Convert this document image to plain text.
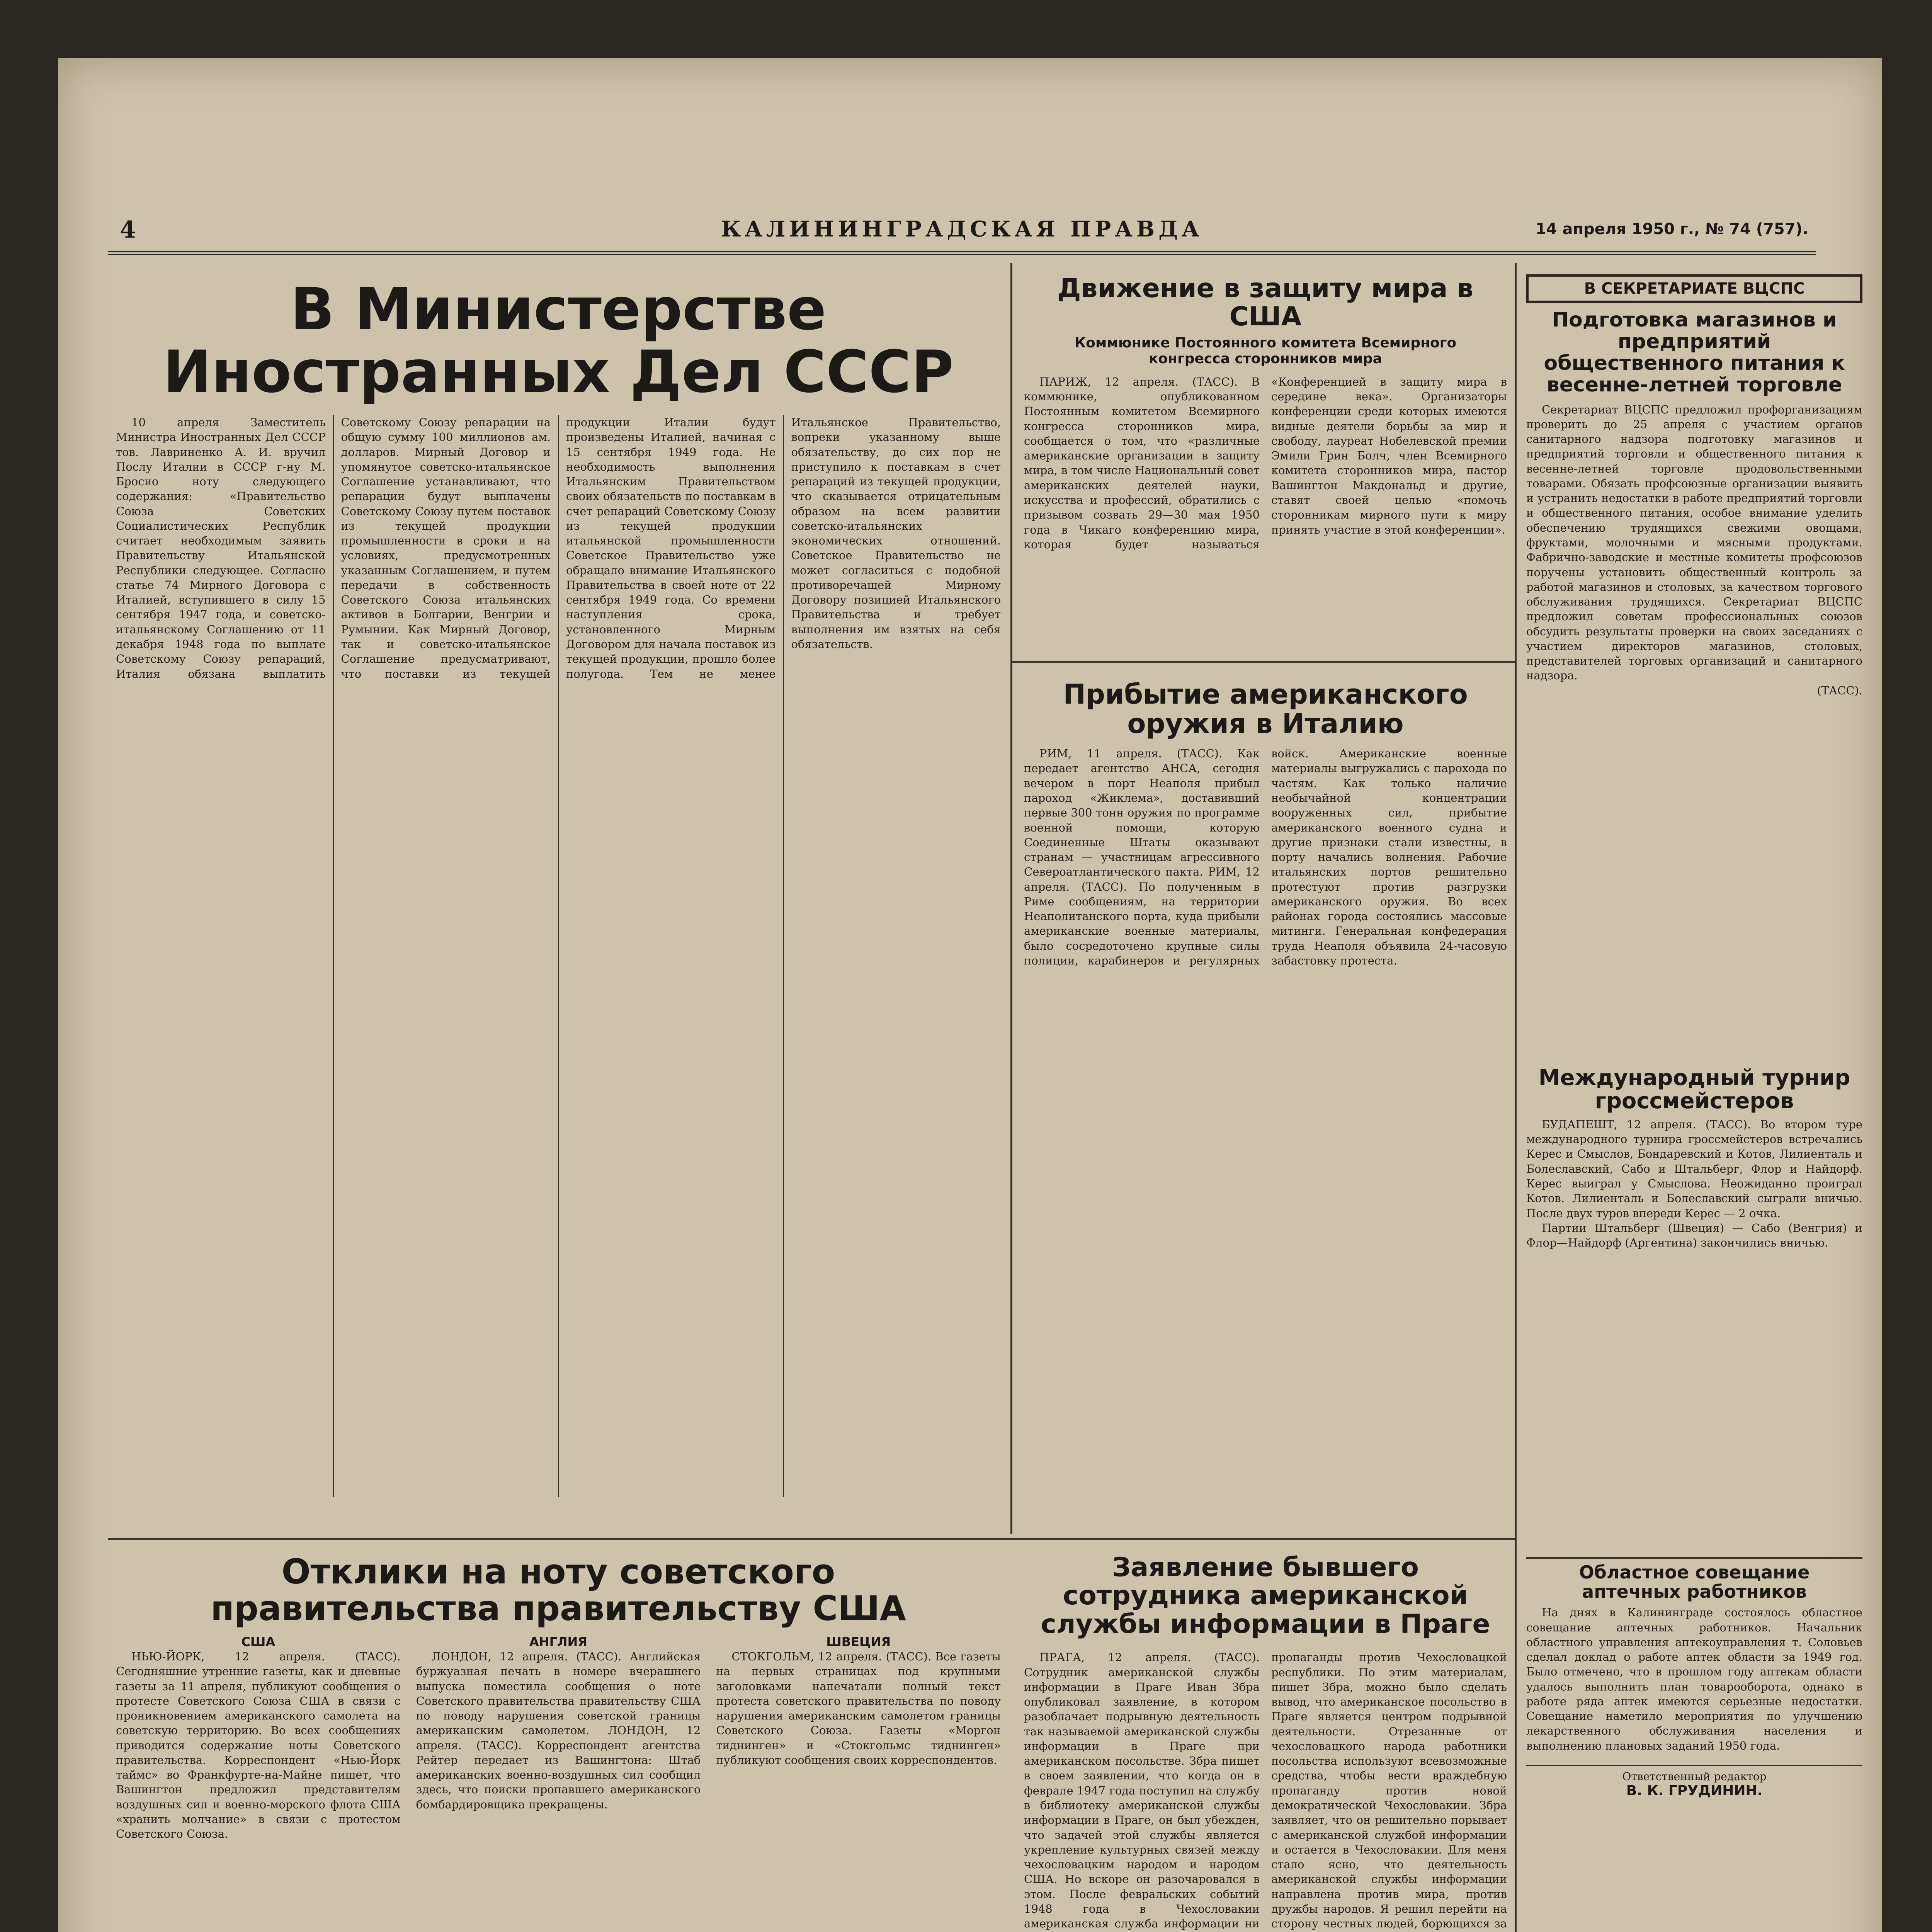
4	КАЛИНИНГРАДСКАЯ ПРАВДА	14 апреля 1950 г., № 74 (757).
В Министерстве Иностранных Дел СССР

10 апреля Заместитель Министра Иностранных Дел СССР тов. Лавриненко А. И. вручил Послу Италии в СССР г-ну М. Бросио ноту следующего содержания: «Правительство Союза Советских Социалистических Республик считает необходимым заявить Правительству Итальянской Республики следующее. Согласно статье 74 Мирного Договора с Италией, вступившего в силу 15 сентября 1947 года, и советско-итальянскому Соглашению от 11 декабря 1948 года по выплате Советскому Союзу репараций, Италия обязана выплатить Советскому Союзу репарации на общую сумму 100 миллионов ам. долларов. Мирный Договор и упомянутое советско-итальянское Соглашение устанавливают, что репарации будут выплачены Советскому Союзу путем поставок из текущей продукции промышленности в сроки и на условиях, предусмотренных указанным Соглашением, и путем передачи в собственность Советского Союза итальянских активов в Болгарии, Венгрии и Румынии. Как Мирный Договор, так и советско-итальянское Соглашение предусматривают, что поставки из текущей продукции Италии будут произведены Италией, начиная с 15 сентября 1949 года. Не необходимость выполнения Итальянским Правительством своих обязательств по поставкам в счет репараций Советскому Союзу из текущей продукции итальянской промышленности Советское Правительство уже обращало внимание Итальянского Правительства в своей ноте от 22 сентября 1949 года. Со времени наступления срока, установленного Мирным Договором для начала поставок из текущей продукции, прошло более полугода. Тем не менее Итальянское Правительство, вопреки указанному выше обязательству, до сих пор не приступило к поставкам в счет репараций из текущей продукции, что сказывается отрицательным образом на всем развитии советско-итальянских экономических отношений. Советское Правительство не может согласиться с подобной противоречащей Мирному Договору позицией Итальянского Правительства и требует выполнения им взятых на себя обязательств.

Отклики на ноту советского правительства правительству США

США

НЬЮ-ЙОРК, 12 апреля. (ТАСС). Сегодняшние утренние газеты, как и дневные газеты за 11 апреля, публикуют сообщения о протесте Советского Союза США в связи с проникновением американского самолета на советскую территорию. Во всех сообщениях приводится содержание ноты Советского правительства. Корреспондент «Нью-Йорк таймс» во Франкфурте-на-Майне пишет, что Вашингтон предложил представителям воздушных сил и военно-морского флота США «хранить молчание» в связи с протестом Советского Союза.

АНГЛИЯ

ЛОНДОН, 12 апреля. (ТАСС). Английская буржуазная печать в номере вчерашнего выпуска поместила сообщения о ноте Советского правительства правительству США по поводу нарушения советской границы американским самолетом. ЛОНДОН, 12 апреля. (ТАСС). Корреспондент агентства Рейтер передает из Вашингтона: Штаб американских военно-воздушных сил сообщил здесь, что поиски пропавшего американского бомбардировщика прекращены.

ШВЕЦИЯ

СТОКГОЛЬМ, 12 апреля. (ТАСС). Все газеты на первых страницах под крупными заголовками напечатали полный текст протеста советского правительства по поводу нарушения американским самолетом границы Советского Союза. Газеты «Моргон тиднинген» и «Стокгольмс тиднинген» публикуют сообщения своих корреспондентов.

Движение в защиту мира в США

Коммюнике Постоянного комитета Всемирного конгресса сторонников мира

ПАРИЖ, 12 апреля. (ТАСС). В коммюнике, опубликованном Постоянным комитетом Всемирного конгресса сторонников мира, сообщается о том, что «различные американские организации в защиту мира, в том числе Национальный совет американских деятелей науки, искусства и профессий, обратились с призывом созвать 29—30 мая 1950 года в Чикаго конференцию мира, которая будет называться «Конференцией в защиту мира в середине века». Организаторы конференции среди которых имеются видные деятели борьбы за мир и свободу, лауреат Нобелевской премии Эмили Грин Болч, член Всемирного комитета сторонников мира, пастор Вашингтон Макдональд и другие, ставят своей целью «помочь сторонникам мирного пути к миру принять участие в этой конференции».

Прибытие американского оружия в Италию

РИМ, 11 апреля. (ТАСС). Как передает агентство АНСА, сегодня вечером в порт Неаполя прибыл пароход «Жиклема», доставивший первые 300 тонн оружия по программе военной помощи, которую Соединенные Штаты оказывают странам — участницам агрессивного Североатлантического пакта. РИМ, 12 апреля. (ТАСС). По полученным в Риме сообщениям, на территории Неаполитанского порта, куда прибыли американские военные материалы, было сосредоточено крупные силы полиции, карабинеров и регулярных войск. Американские военные материалы выгружались с парохода по частям. Как только наличие необычайной концентрации вооруженных сил, прибытие американского военного судна и другие признаки стали известны, в порту начались волнения. Рабочие итальянских портов решительно протестуют против разгрузки американского оружия. Во всех районах города состоялись массовые митинги. Генеральная конфедерация труда Неаполя объявила 24-часовую забастовку протеста.

Заявление бывшего сотрудника американской службы информации в Праге

ПРАГА, 12 апреля. (ТАСС). Сотрудник американской службы информации в Праге Иван Збра опубликовал заявление, в котором разоблачает подрывную деятельность так называемой американской службы информации в Праге при американском посольстве. Збра пишет в своем заявлении, что когда он в феврале 1947 года поступил на службу в библиотеку американской службы информации в Праге, он был убежден, что задачей этой службы является укрепление культурных связей между чехословацким народом и народом США. Но вскоре он разочаровался в этом. После февральских событий 1948 года в Чехословакии американская служба информации ни пропаганды против Чехословацкой республики. По этим материалам, пишет Збра, можно было сделать вывод, что американское посольство в Праге является центром подрывной деятельности. Отрезанные от чехословацкого народа работники посольства используют всевозможные средства, чтобы вести враждебную пропаганду против новой демократической Чехословакии. Збра заявляет, что он решительно порывает с американской службой информации и остается в Чехословакии. Для меня стало ясно, что деятельность американской службы информации направлена против мира, против дружбы народов. Я решил перейти на сторону честных людей, борющихся за

В СЕКРЕТАРИАТЕ ВЦСПС
Подготовка магазинов и предприятий общественного питания к весенне-летней торговле

Секретариат ВЦСПС предложил профорганизациям проверить до 25 апреля с участием органов санитарного надзора подготовку магазинов и предприятий торговли и общественного питания к весенне-летней торговле продовольственными товарами. Обязать профсоюзные организации выявить и устранить недостатки в работе предприятий торговли и общественного питания, особое внимание уделить обеспечению трудящихся свежими овощами, фруктами, молочными и мясными продуктами. Фабрично-заводские и местные комитеты профсоюзов поручены установить общественный контроль за работой магазинов и столовых, за качеством торгового обслуживания трудящихся. Секретариат ВЦСПС предложил советам профессиональных союзов обсудить результаты проверки на своих заседаниях с участием директоров магазинов, столовых, представителей торговых организаций и санитарного надзора.

(ТАСС).

Международный турнир гроссмейстеров

БУДАПЕШТ, 12 апреля. (ТАСС). Во втором туре международного турнира гроссмейстеров встречались Керес и Смыслов, Бондаревский и Котов, Лилиенталь и Болеславский, Сабо и Штальберг, Флор и Найдорф. Керес выиграл у Смыслова. Неожиданно проиграл Котов. Лилиенталь и Болеславский сыграли вничью. После двух туров впереди Керес — 2 очка.

Партии Штальберг (Швеция) — Сабо (Венгрия) и Флор—Найдорф (Аргентина) закончились вничью.

Областное совещание аптечных работников

На днях в Калининграде состоялось областное совещание аптечных работников. Начальник областного управления аптекоуправления т. Соловьев сделал доклад о работе аптек области за 1949 год. Было отмечено, что в прошлом году аптекам области удалось выполнить план товарооборота, однако в работе ряда аптек имеются серьезные недостатки. Совещание наметило мероприятия по улучшению лекарственного обслуживания населения и выполнению плановых заданий 1950 года.

Ответственный редактор
В. К. ГРУДИНИН.
